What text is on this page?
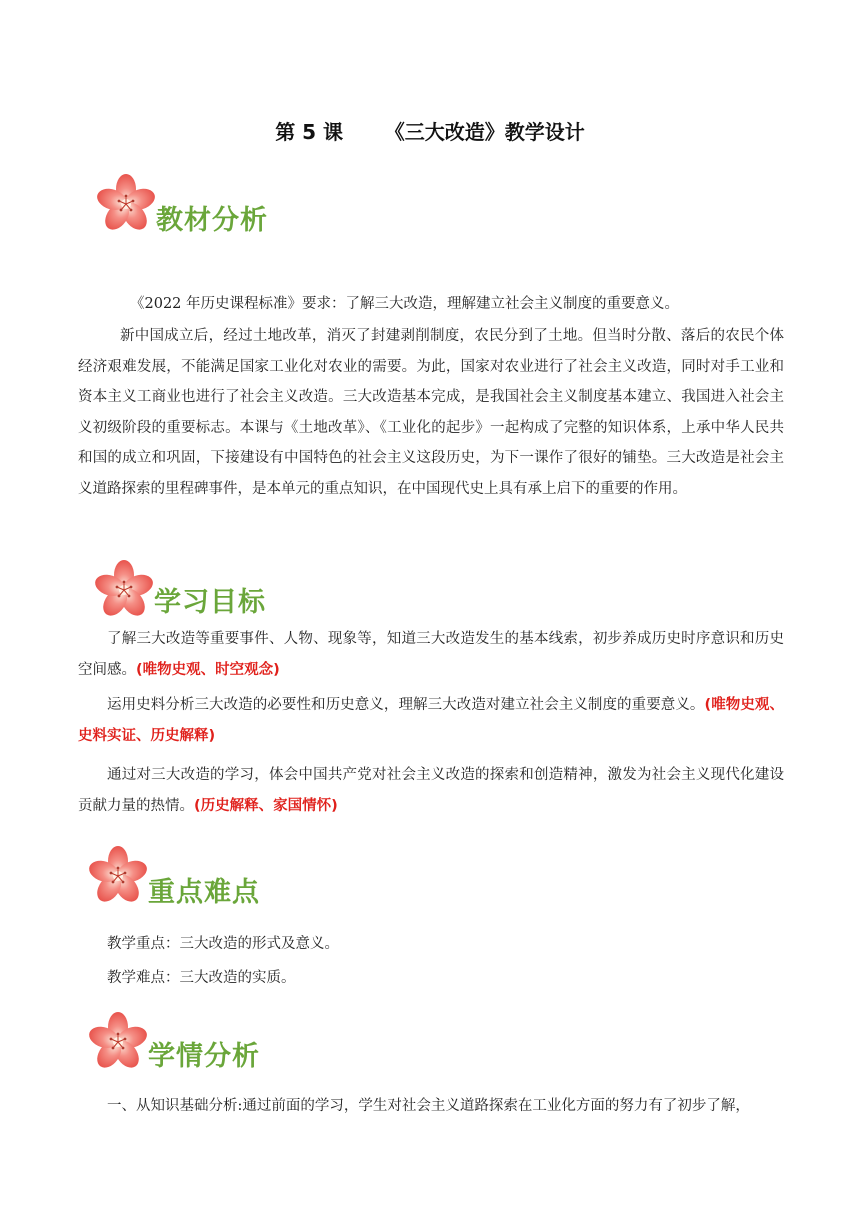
第 5 课      《三大改造》教学设计
教材分析

《2022 年历史课程标准》要求：了解三大改造，理解建立社会主义制度的重要意义。

新中国成立后，经过土地改革，消灭了封建剥削制度，农民分到了土地。但当时分散、落后的农民个体经济艰难发展，不能满足国家工业化对农业的需要。为此，国家对农业进行了社会主义改造，同时对手工业和资本主义工商业也进行了社会主义改造。三大改造基本完成，是我国社会主义制度基本建立、我国进入社会主义初级阶段的重要标志。本课与《土地改革》、《工业化的起步》一起构成了完整的知识体系，上承中华人民共和国的成立和巩固，下接建设有中国特色的社会主义这段历史，为下一课作了很好的铺垫。三大改造是社会主义道路探索的里程碑事件，是本单元的重点知识，在中国现代史上具有承上启下的重要的作用。

学习目标

了解三大改造等重要事件、人物、现象等，知道三大改造发生的基本线索，初步养成历史时序意识和历史空间感。(唯物史观、时空观念)

运用史料分析三大改造的必要性和历史意义，理解三大改造对建立社会主义制度的重要意义。(唯物史观、史料实证、历史解释)

通过对三大改造的学习，体会中国共产党对社会主义改造的探索和创造精神，激发为社会主义现代化建设贡献力量的热情。(历史解释、家国情怀)

重点难点

教学重点：三大改造的形式及意义。

教学难点：三大改造的实质。

学情分析

一、从知识基础分析:通过前面的学习，学生对社会主义道路探索在工业化方面的努力有了初步了解，
